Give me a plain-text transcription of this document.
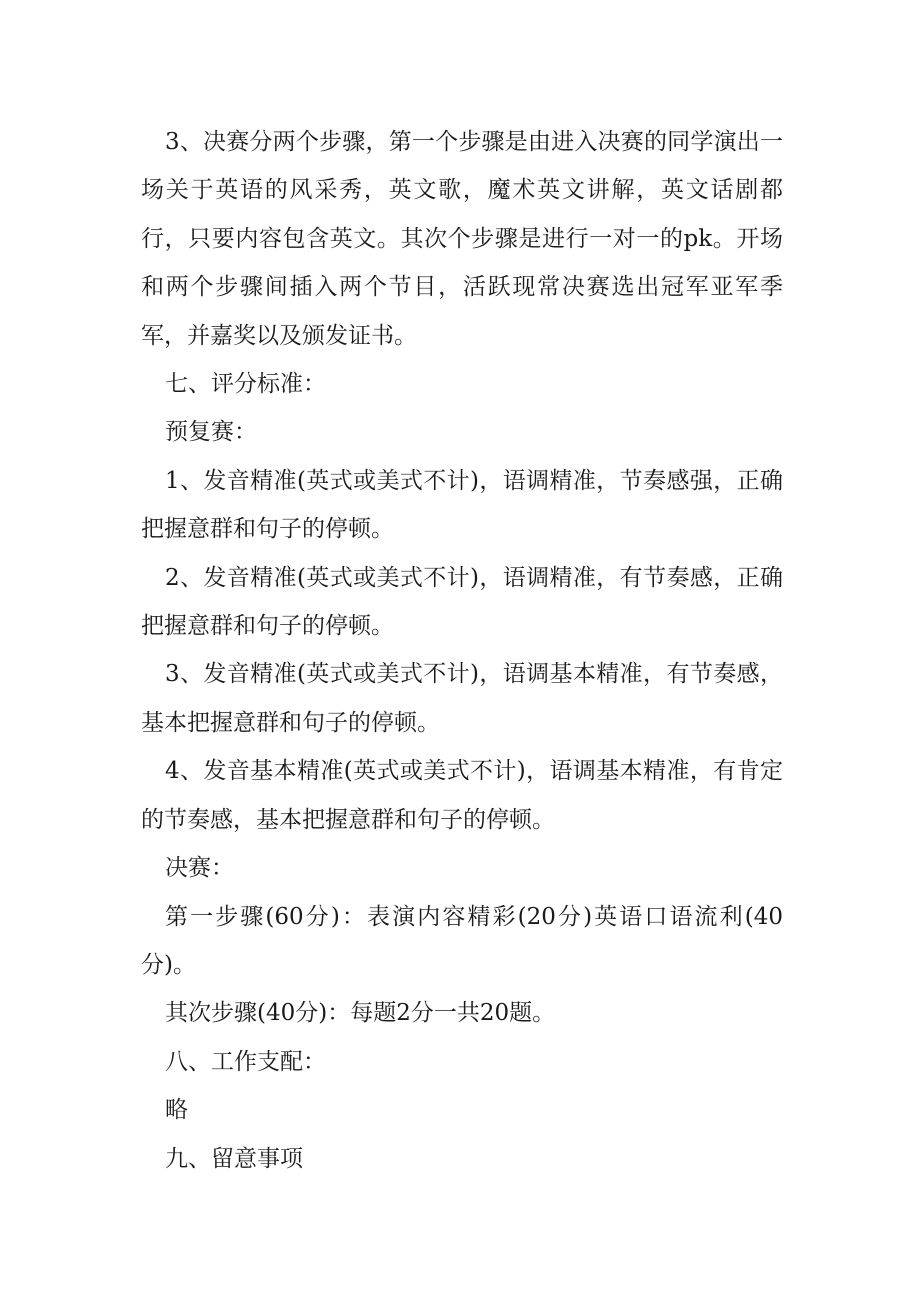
3、决赛分两个步骤，第一个步骤是由进入决赛的同学演出一场关于英语的风采秀，英文歌，魔术英文讲解，英文话剧都行，只要内容包含英文。其次个步骤是进行一对一的pk。开场和两个步骤间插入两个节目，活跃现常决赛选出冠军亚军季军，并嘉奖以及颁发证书。

七、评分标准：

预复赛：

1、发音精准(英式或美式不计)，语调精准，节奏感强，正确把握意群和句子的停顿。

2、发音精准(英式或美式不计)，语调精准，有节奏感，正确把握意群和句子的停顿。

3、发音精准(英式或美式不计)，语调基本精准，有节奏感，基本把握意群和句子的停顿。

4、发音基本精准(英式或美式不计)，语调基本精准，有肯定的节奏感，基本把握意群和句子的停顿。

决赛：

第一步骤(60分)：表演内容精彩(20分)英语口语流利(40分)。

其次步骤(40分)：每题2分一共20题。

八、工作支配：

略

九、留意事项
